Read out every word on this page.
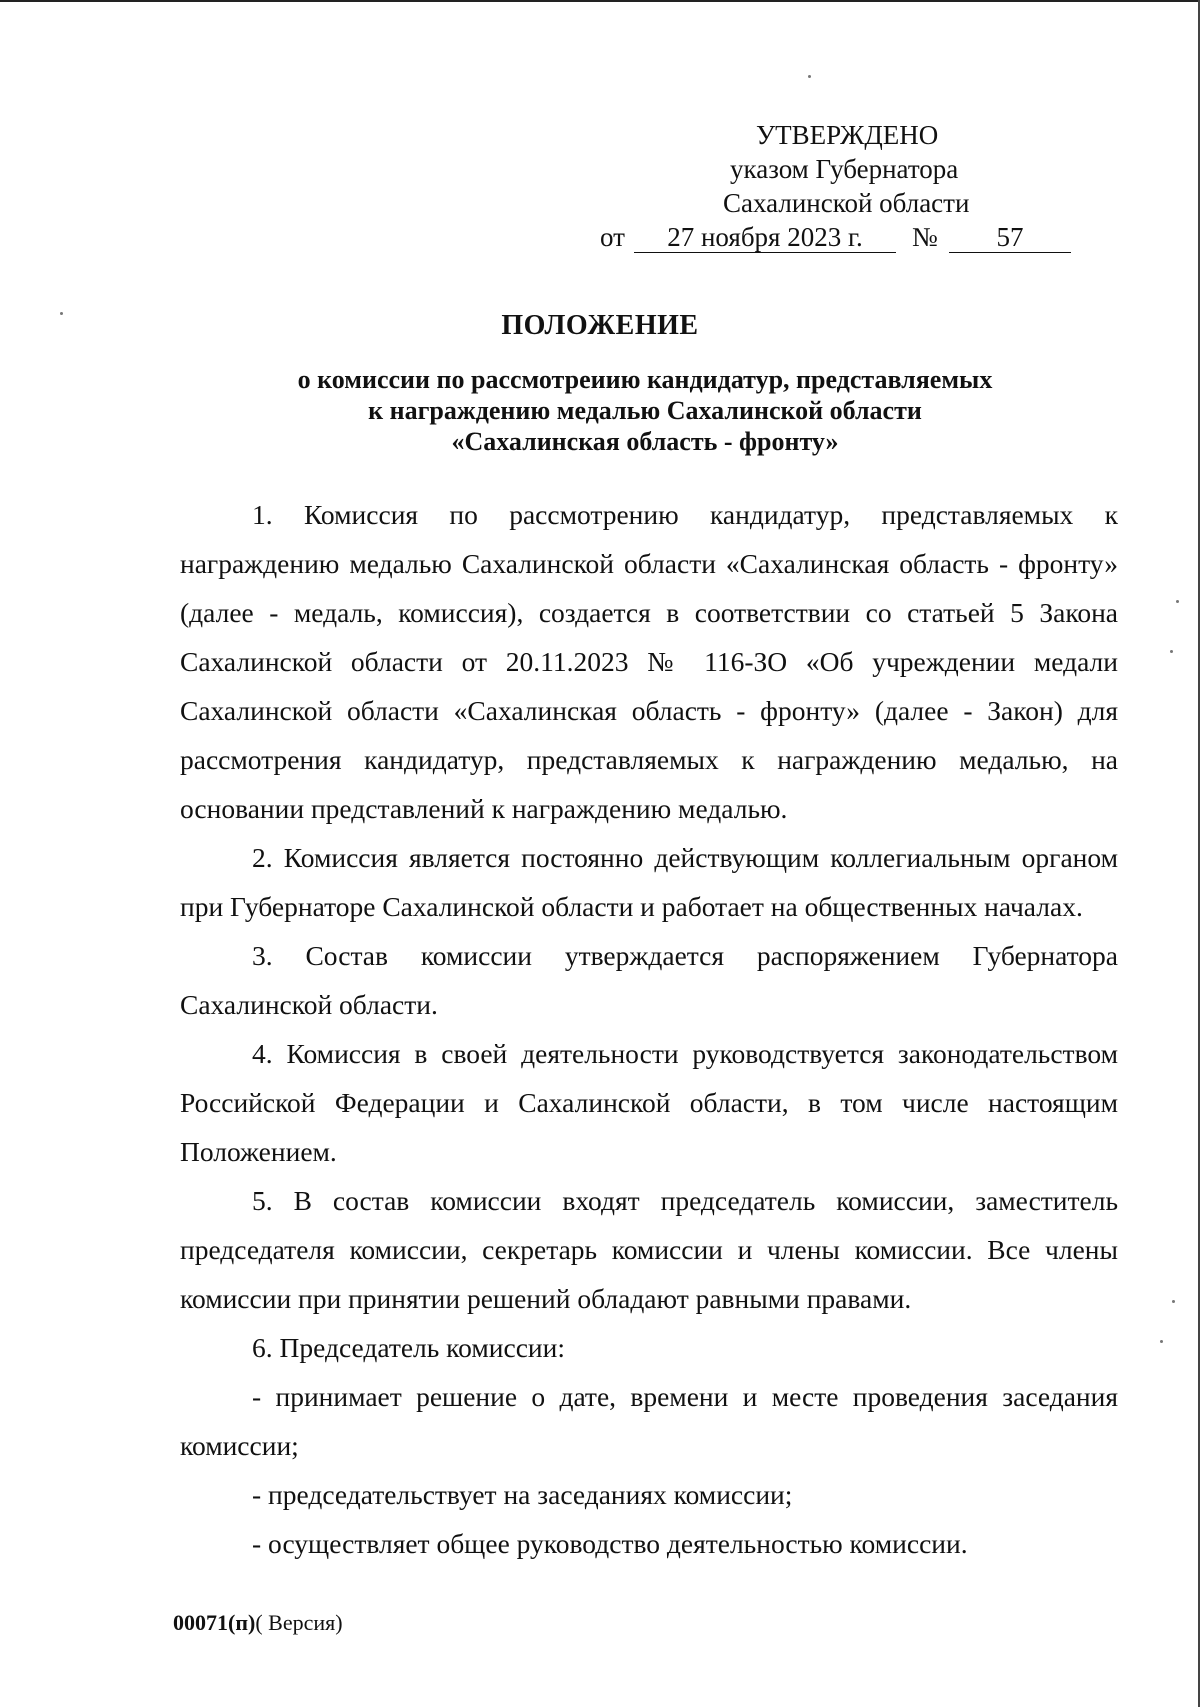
УТВЕРЖДЕНО
указом Губернатора
Сахалинской области
от	27 ноября 2023 г.	№	57
ПОЛОЖЕНИЕ
о комиссии по рассмотреиию кандидатур, представляемых
к награждению медалью Сахалинской области
«Сахалинская область - фронту»

1. Комиссия по рассмотрению кандидатур, представляемых к награждению медалью Сахалинской области «Сахалинская область - фронту» (далее - медаль, комиссия), создается в соответствии со статьей 5 Закона Сахалинской области от 20.11.2023 № 116-ЗО «Об учреждении медали Сахалинской области «Сахалинская область - фронту» (далее - Закон) для рассмотрения кандидатур, представляемых к награждению медалью, на основании представлений к награждению медалью.

2. Комиссия является постоянно действующим коллегиальным органом при Губернаторе Сахалинской области и работает на общественных началах.

3. Состав комиссии утверждается распоряжением Губернатора Сахалинской области.

4. Комиссия в своей деятельности руководствуется законодательством Российской Федерации и Сахалинской области, в том числе настоящим Положением.

5. В состав комиссии входят председатель комиссии, заместитель председателя комиссии, секретарь комиссии и члены комиссии. Все члены комиссии при принятии решений обладают равными правами.

6. Председатель комиссии:

- принимает решение о дате, времени и месте проведения заседания комиссии;

- председательствует на заседаниях комиссии;

- осуществляет общее руководство деятельностью комиссии.

00071(п)( Версия)
